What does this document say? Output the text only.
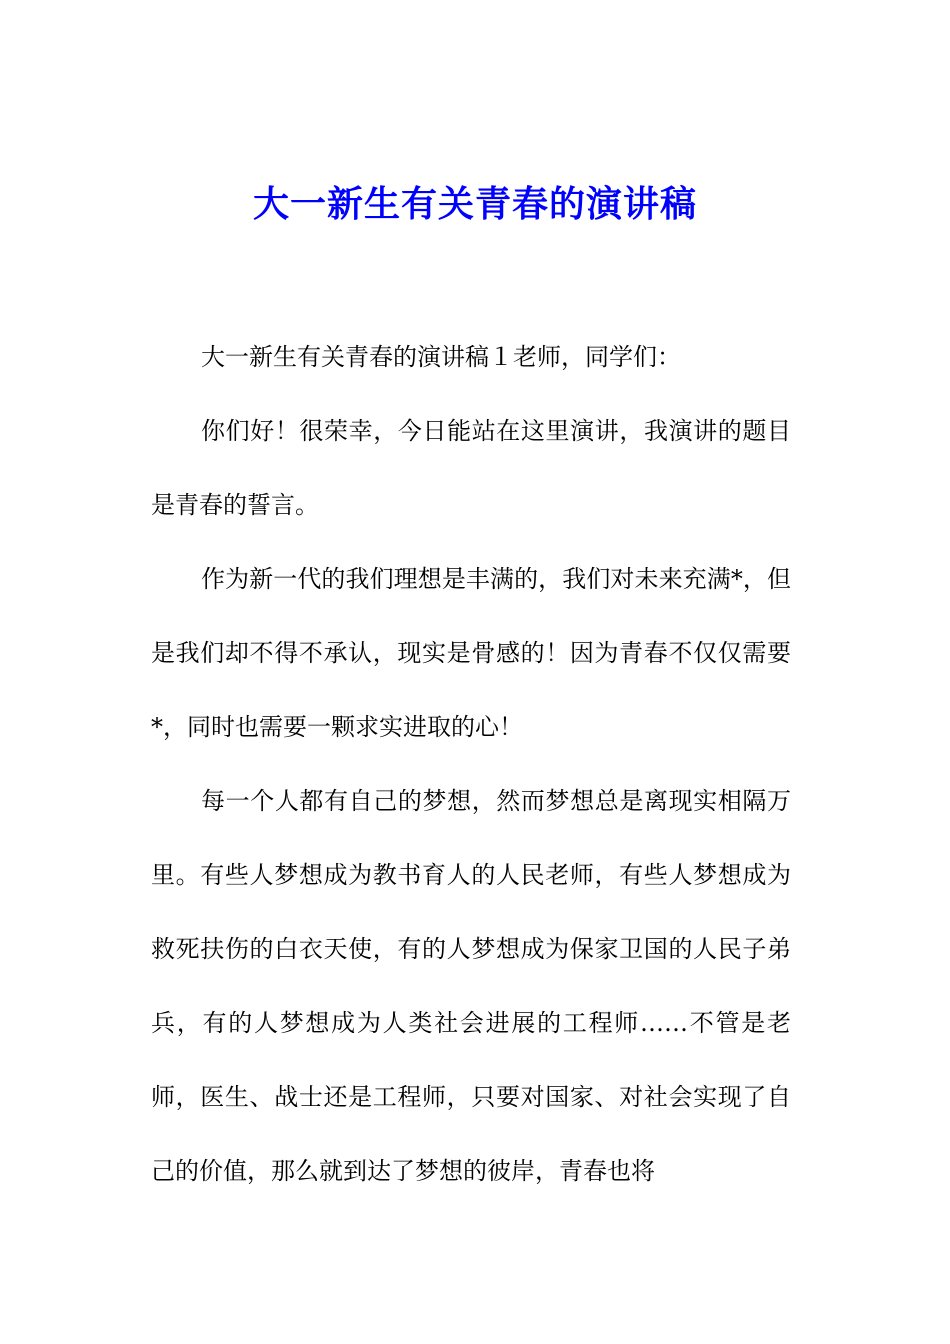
大一新生有关青春的演讲稿

大一新生有关青春的演讲稿１老师，同学们：

你们好！很荣幸，今日能站在这里演讲，我演讲的题目是青春的誓言。

作为新一代的我们理想是丰满的，我们对未来充满*，但是我们却不得不承认，现实是骨感的！因为青春不仅仅需要*，同时也需要一颗求实进取的心！

每一个人都有自己的梦想，然而梦想总是离现实相隔万里。有些人梦想成为教书育人的人民老师，有些人梦想成为救死扶伤的白衣天使，有的人梦想成为保家卫国的人民子弟兵，有的人梦想成为人类社会进展的工程师……不管是老师，医生、战士还是工程师，只要对国家、对社会实现了自己的价值，那么就到达了梦想的彼岸，青春也将
